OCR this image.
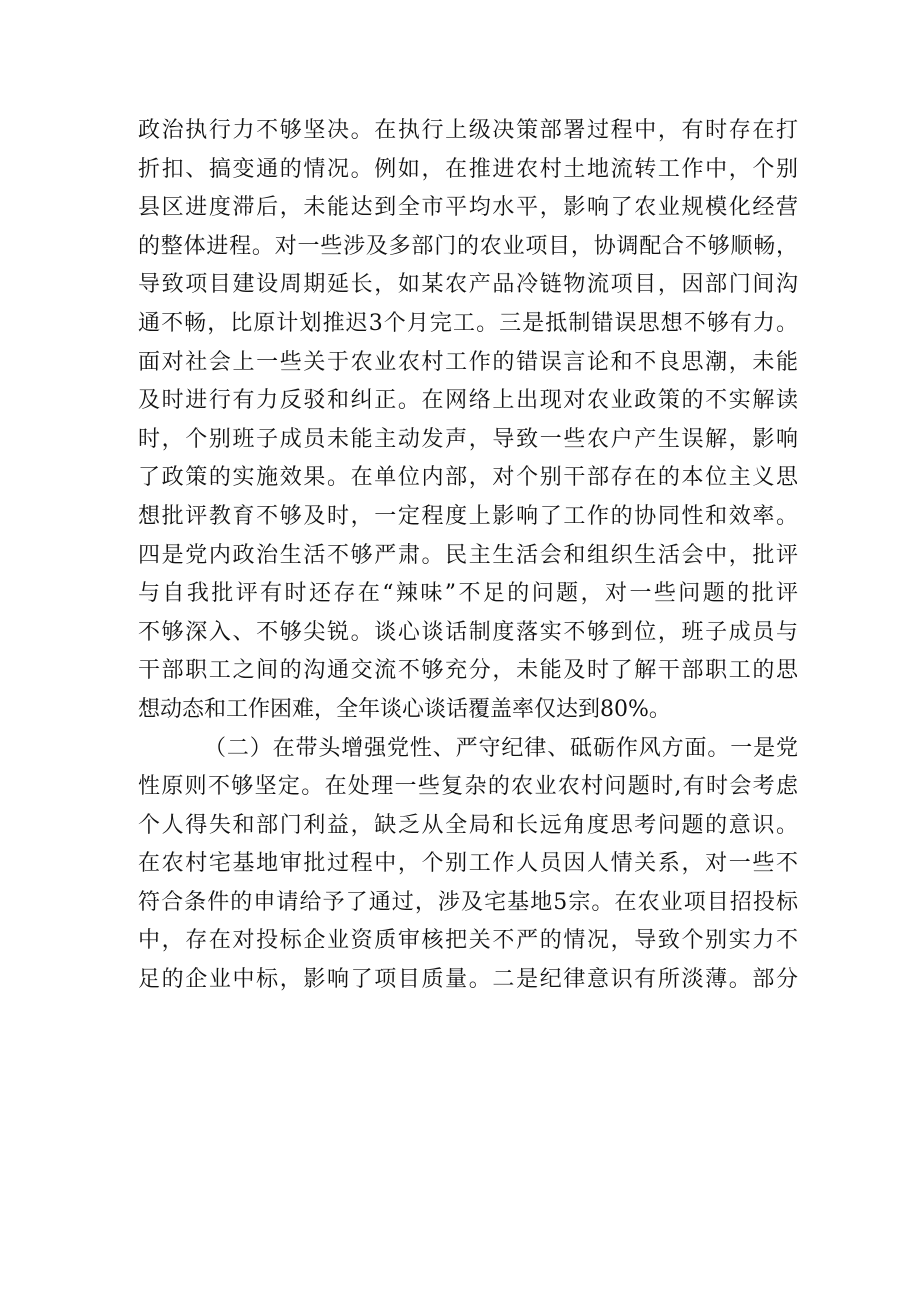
政治执行力不够坚决。在执行上级决策部署过程中，有时存在打
折扣、搞变通的情况。例如，在推进农村土地流转工作中，个别
县区进度滞后，未能达到全市平均水平，影响了农业规模化经营
的整体进程。对一些涉及多部门的农业项目，协调配合不够顺畅，
导致项目建设周期延长，如某农产品冷链物流项目，因部门间沟
通不畅，比原计划推迟3个月完工。三是抵制错误思想不够有力。
面对社会上一些关于农业农村工作的错误言论和不良思潮，未能
及时进行有力反驳和纠正。在网络上出现对农业政策的不实解读
时，个别班子成员未能主动发声，导致一些农户产生误解，影响
了政策的实施效果。在单位内部，对个别干部存在的本位主义思
想批评教育不够及时，一定程度上影响了工作的协同性和效率。
四是党内政治生活不够严肃。民主生活会和组织生活会中，批评
与自我批评有时还存在“辣味”不足的问题，对一些问题的批评
不够深入、不够尖锐。谈心谈话制度落实不够到位，班子成员与
干部职工之间的沟通交流不够充分，未能及时了解干部职工的思
想动态和工作困难，全年谈心谈话覆盖率仅达到80%。
（二）在带头增强党性、严守纪律、砥砺作风方面。一是党
性原则不够坚定。在处理一些复杂的农业农村问题时,有时会考虑
个人得失和部门利益，缺乏从全局和长远角度思考问题的意识。
在农村宅基地审批过程中，个别工作人员因人情关系，对一些不
符合条件的申请给予了通过，涉及宅基地5宗。在农业项目招投标
中，存在对投标企业资质审核把关不严的情况，导致个别实力不
足的企业中标，影响了项目质量。二是纪律意识有所淡薄。部分
